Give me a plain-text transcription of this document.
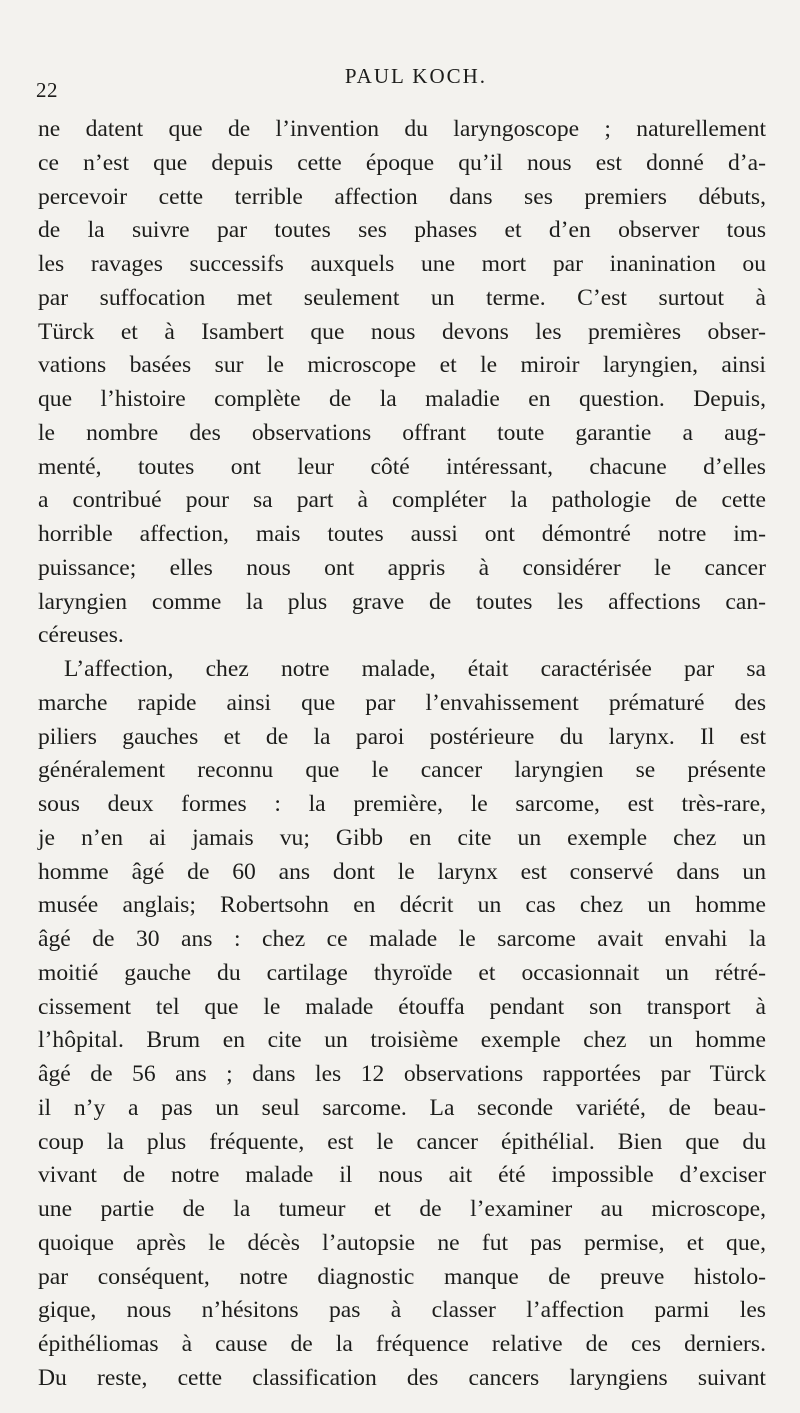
22
PAUL KOCH.
ne datent que de l’invention du laryngoscope ; naturellement
ce n’est que depuis cette époque qu’il nous est donné d’a-
percevoir cette terrible affection dans ses premiers débuts,
de la suivre par toutes ses phases et d’en observer tous
les ravages successifs auxquels une mort par inanination ou
par suffocation met seulement un terme. C’est surtout à
Türck et à Isambert que nous devons les premières obser-
vations basées sur le microscope et le miroir laryngien, ainsi
que l’histoire complète de la maladie en question. Depuis,
le nombre des observations offrant toute garantie a aug-
menté, toutes ont leur côté intéressant, chacune d’elles
a contribué pour sa part à compléter la pathologie de cette
horrible affection, mais toutes aussi ont démontré notre im-
puissance; elles nous ont appris à considérer le cancer
laryngien comme la plus grave de toutes les affections can-
céreuses.
L’affection, chez notre malade, était caractérisée par sa
marche rapide ainsi que par l’envahissement prématuré des
piliers gauches et de la paroi postérieure du larynx. Il est
généralement reconnu que le cancer laryngien se présente
sous deux formes : la première, le sarcome, est très-rare,
je n’en ai jamais vu; Gibb en cite un exemple chez un
homme âgé de 60 ans dont le larynx est conservé dans un
musée anglais; Robertsohn en décrit un cas chez un homme
âgé de 30 ans : chez ce malade le sarcome avait envahi la
moitié gauche du cartilage thyroïde et occasionnait un rétré-
cissement tel que le malade étouffa pendant son transport à
l’hôpital. Brum en cite un troisième exemple chez un homme
âgé de 56 ans ; dans les 12 observations rapportées par Türck
il n’y a pas un seul sarcome. La seconde variété, de beau-
coup la plus fréquente, est le cancer épithélial. Bien que du
vivant de notre malade il nous ait été impossible d’exciser
une partie de la tumeur et de l’examiner au microscope,
quoique après le décès l’autopsie ne fut pas permise, et que,
par conséquent, notre diagnostic manque de preuve histolo-
gique, nous n’hésitons pas à classer l’affection parmi les
épithéliomas à cause de la fréquence relative de ces derniers.
Du reste, cette classification des cancers laryngiens suivant
